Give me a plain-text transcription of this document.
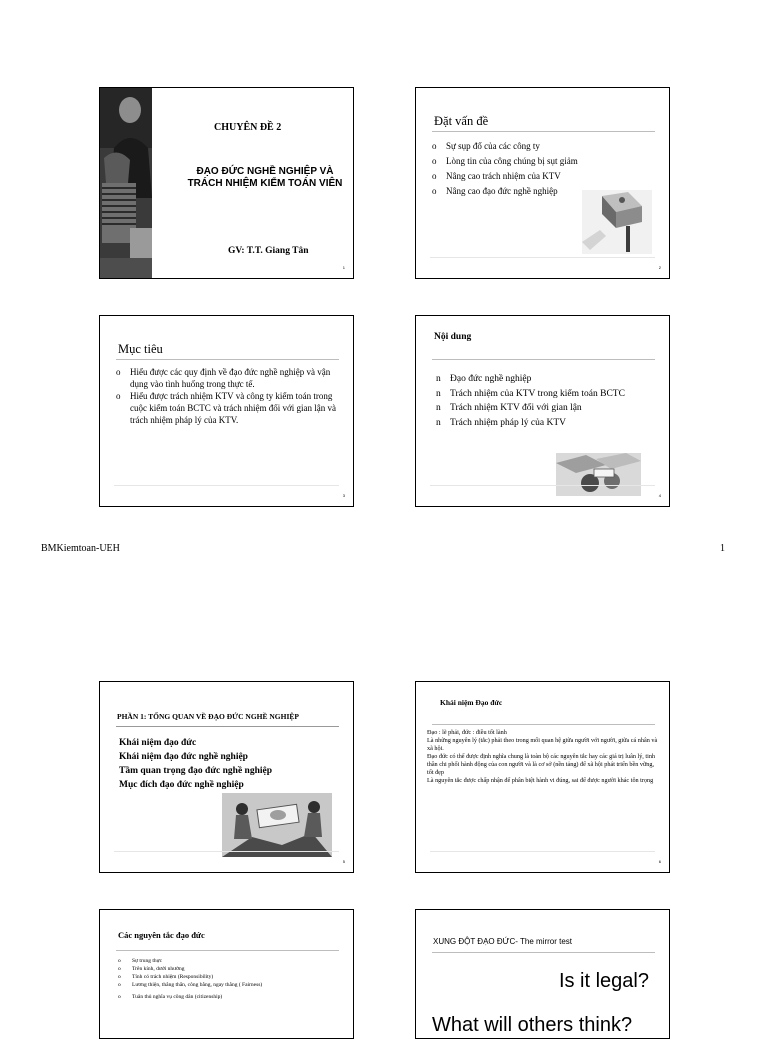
CHUYÊN ĐỀ 2
ĐẠO ĐỨC NGHỀ NGHIỆP VÀ TRÁCH NHIỆM KIỂM TOÁN VIÊN
GV: T.T. Giang Tân
1
Đặt vấn đề
o Sự sụp đổ của các công ty
o Lòng tin của công chúng bị sụt giảm
o Nâng cao trách nhiệm của KTV
o Nâng cao đạo đức nghề nghiệp
2
Mục tiêu
o Hiểu được các quy định về đạo đức nghề nghiệp và vận dụng vào tình huống trong thực tế.
o Hiểu được trách nhiệm KTV và công ty kiểm toán trong cuộc kiểm toán BCTC và trách nhiệm đối với gian lận và trách nhiệm pháp lý của KTV.
3
Nội dung
n Đạo đức nghề nghiệp
n Trách nhiệm của KTV trong kiểm toán BCTC
n Trách nhiệm KTV đối với gian lận
n Trách nhiệm pháp lý của KTV
4
BMKiemtoan-UEH	1
PHẦN 1: TỔNG QUAN VỀ ĐẠO ĐỨC NGHỀ NGHIỆP
Khái niệm đạo đức
Khái niệm đạo đức nghề nghiệp
Tầm quan trọng đạo đức nghề nghiệp
Mục đích đạo đức nghề nghiệp
5
Khái niệm Đạo đức
Đạo : lẽ phải, đức : điều tốt lành
Là những nguyên lý (tắc) phải theo trong mối quan hệ giữa người với người, giữa cá nhân và xã hội.
Đạo đức có thể được định nghĩa chung là toàn bộ các nguyên tắc hay các giá trị luân lý, tinh thần chi phối hành động của con người và là cơ sở (nền tảng) để xã hội phát triển bền vững, tốt đẹp
Là nguyên tắc được chấp nhận để phân biệt hành vi đúng, sai để được người khác tôn trọng
6
Các nguyên tắc đạo đức
o Sự trung thực
o Trên kính, dưới nhường
o Tính có trách nhiệm (Responsibility)
o Lương thiện, thẳng thắn, công bằng, ngay thẳng ( Fairness)
o Tuân thủ nghĩa vụ công dân (citizenship)
XUNG ĐỘT ĐẠO ĐỨC- The mirror test
Is it legal?
What will others think?
